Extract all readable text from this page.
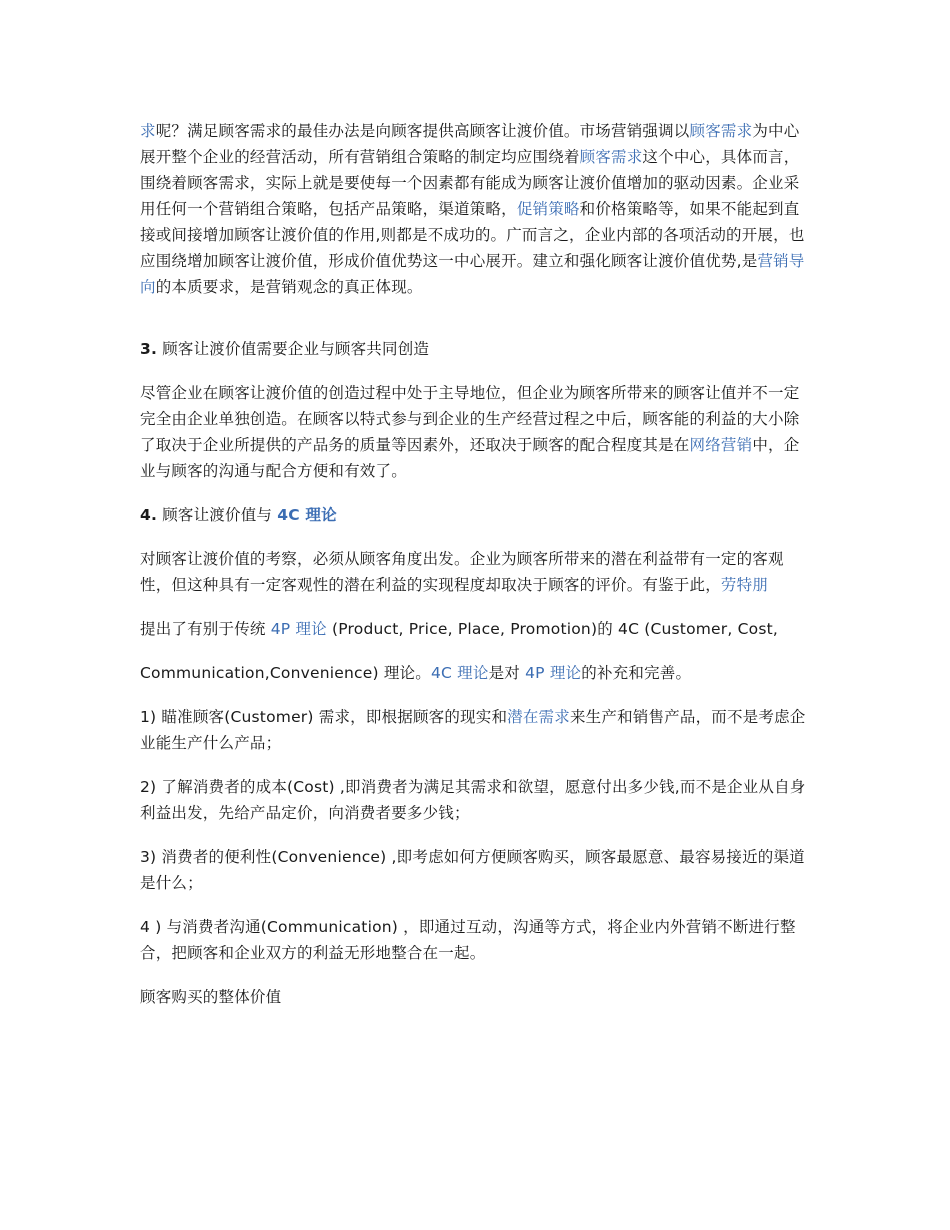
求呢？满足顾客需求的最佳办法是向顾客提供高顾客让渡价值。市场营销强调以顾客需求为中心展开整个企业的经营活动，所有营销组合策略的制定均应围绕着顾客需求这个中心，具体而言，围绕着顾客需求，实际上就是要使每一个因素都有能成为顾客让渡价值增加的驱动因素。企业采用任何一个营销组合策略，包括产品策略，渠道策略，促销策略和价格策略等，如果不能起到直接或间接增加顾客让渡价值的作用,则都是不成功的。广而言之，企业内部的各项活动的开展，也应围绕增加顾客让渡价值，形成价值优势这一中心展开。建立和强化顾客让渡价值优势,是营销导向的本质要求，是营销观念的真正体现。

3. 顾客让渡价值需要企业与顾客共同创造

尽管企业在顾客让渡价值的创造过程中处于主导地位，但企业为顾客所带来的顾客让值并不一定完全由企业单独创造。在顾客以特式参与到企业的生产经营过程之中后，顾客能的利益的大小除了取决于企业所提供的产品务的质量等因素外，还取决于顾客的配合程度其是在网络营销中，企业与顾客的沟通与配合方便和有效了。

4. 顾客让渡价值与 4C 理论

对顾客让渡价值的考察，必须从顾客角度出发。企业为顾客所带来的潜在利益带有一定的客观性，但这种具有一定客观性的潜在利益的实现程度却取决于顾客的评价。有鉴于此，劳特朋

提出了有别于传统 4P 理论 (Product, Price, Place, Promotion)的 4C (Customer, Cost,

Communication,Convenience) 理论。4C 理论是对 4P 理论的补充和完善。

1) 瞄准顾客(Customer) 需求，即根据顾客的现实和潜在需求来生产和销售产品，而不是考虑企业能生产什么产品；

2) 了解消费者的成本(Cost) ,即消费者为满足其需求和欲望，愿意付出多少钱,而不是企业从自身利益出发，先给产品定价，向消费者要多少钱；

3) 消费者的便利性(Convenience) ,即考虑如何方便顾客购买，顾客最愿意、最容易接近的渠道是什么；

4 ) 与消费者沟通(Communication) ，即通过互动，沟通等方式，将企业内外营销不断进行整合，把顾客和企业双方的利益无形地整合在一起。

顾客购买的整体价值
